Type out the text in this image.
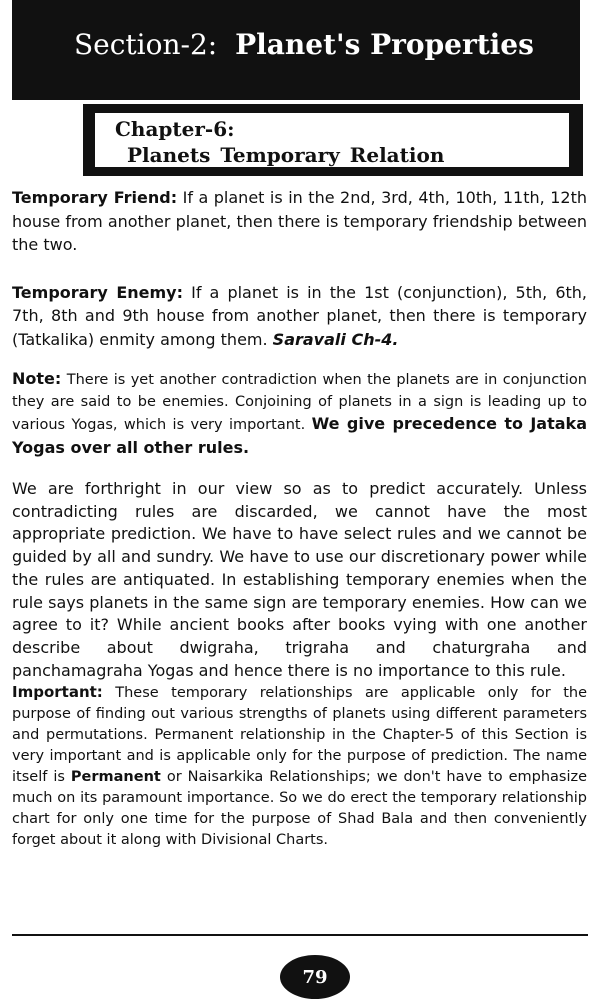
Section-2: Planet's Properties
Chapter-6:
Planets Temporary Relation

Temporary Friend: If a planet is in the 2nd, 3rd, 4th, 10th, 11th, 12th house from another planet, then there is temporary friendship between the two.

Temporary Enemy: If a planet is in the 1st (conjunction), 5th, 6th, 7th, 8th and 9th house from another planet, then there is temporary (Tatkalika) enmity among them. Saravali Ch-4.

Note: There is yet another contradiction when the planets are in conjunction they are said to be enemies. Conjoining of planets in a sign is leading up to various Yogas, which is very important. We give precedence to Jataka Yogas over all other rules.

We are forthright in our view so as to predict accurately. Unless contradicting rules are discarded, we cannot have the most appropriate prediction. We have to have select rules and we cannot be guided by all and sundry. We have to use our discretionary power while the rules are antiquated. In establishing temporary enemies when the rule says planets in the same sign are temporary enemies. How can we agree to it? While ancient books after books vying with one another describe about dwigraha, trigraha and chaturgraha and panchamagraha Yogas and hence there is no importance to this rule.

Important: These temporary relationships are applicable only for the purpose of finding out various strengths of planets using different parameters and permutations. Permanent relationship in the Chapter-5 of this Section is very important and is applicable only for the purpose of prediction. The name itself is Permanent or Naisarkika Relationships; we don't have to emphasize much on its paramount importance. So we do erect the temporary relationship chart for only one time for the purpose of Shad Bala and then conveniently forget about it along with Divisional Charts.

79
